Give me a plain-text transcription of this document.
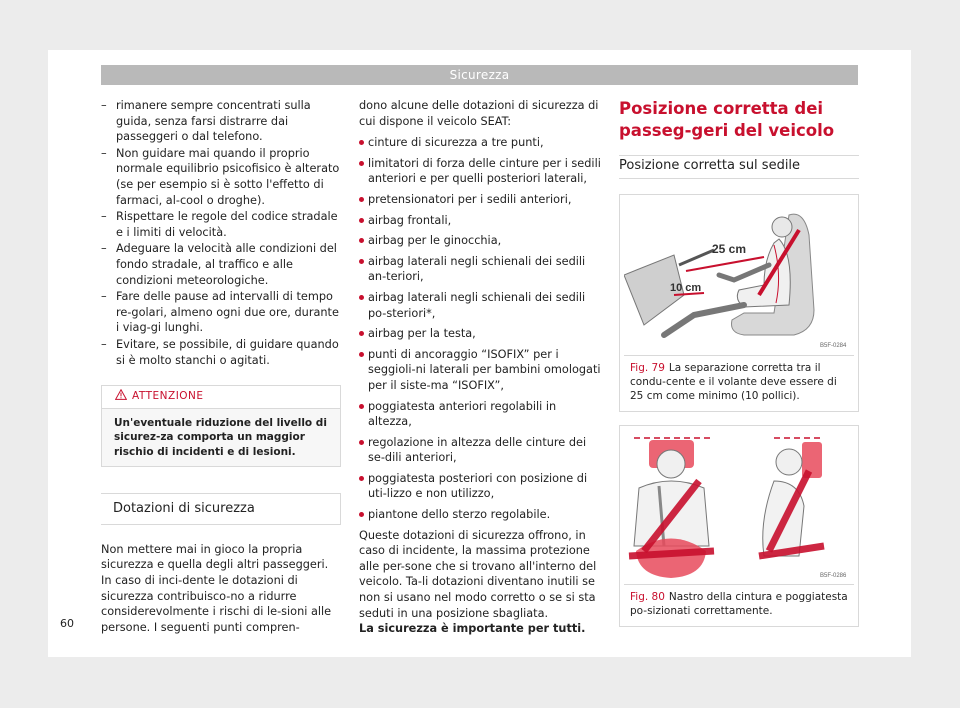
Sicurezza
– rimanere sempre concentrati sulla guida, senza farsi distrarre dai passeggeri o dal telefono.
– Non guidare mai quando il proprio normale equilibrio psicofisico è alterato (se per esempio si è sotto l'effetto di farmaci, al-cool o droghe).
– Rispettare le regole del codice stradale e i limiti di velocità.
– Adeguare la velocità alle condizioni del fondo stradale, al traffico e alle condizioni meteorologiche.
– Fare delle pause ad intervalli di tempo re-golari, almeno ogni due ore, durante i viag-gi lunghi.
– Evitare, se possibile, di guidare quando si è molto stanchi o agitati.
ATTENZIONE
Un'eventuale riduzione del livello di sicurez-za comporta un maggior rischio di incidenti e di lesioni.
Dotazioni di sicurezza

Non mettere mai in gioco la propria sicurezza e quella degli altri passeggeri. In caso di inci-dente le dotazioni di sicurezza contribuisco-no a ridurre considerevolmente i rischi di le-sioni alle persone. I seguenti punti compren-

dono alcune delle dotazioni di sicurezza di cui dispone il veicolo SEAT:

cinture di sicurezza a tre punti,
limitatori di forza delle cinture per i sedili anteriori e per quelli posteriori laterali,
pretensionatori per i sedili anteriori,
airbag frontali,
airbag per le ginocchia,
airbag laterali negli schienali dei sedili an-teriori,
airbag laterali negli schienali dei sedili po-steriori*,
airbag per la testa,
punti di ancoraggio “ISOFIX” per i seggioli-ni laterali per bambini omologati per il siste-ma “ISOFIX”,
poggiatesta anteriori regolabili in altezza,
regolazione in altezza delle cinture dei se-dili anteriori,
poggiatesta posteriori con posizione di uti-lizzo e non utilizzo,
piantone dello sterzo regolabile.

Queste dotazioni di sicurezza offrono, in caso di incidente, la massima protezione alle per-sone che si trovano all'interno del veicolo. Ta-li dotazioni diventano inutili se non si usano nel modo corretto o se si sta seduti in una posizione sbagliata.

La sicurezza è importante per tutti.

Posizione corretta dei passeg-geri del veicolo

Posizione corretta sul sedile
25 cm
10 cm
B5F-0284
Fig. 79 La separazione corretta tra il condu-cente e il volante deve essere di 25 cm come minimo (10 pollici).
B5F-0286
Fig. 80 Nastro della cintura e poggiatesta po-sizionati correttamente.
60
